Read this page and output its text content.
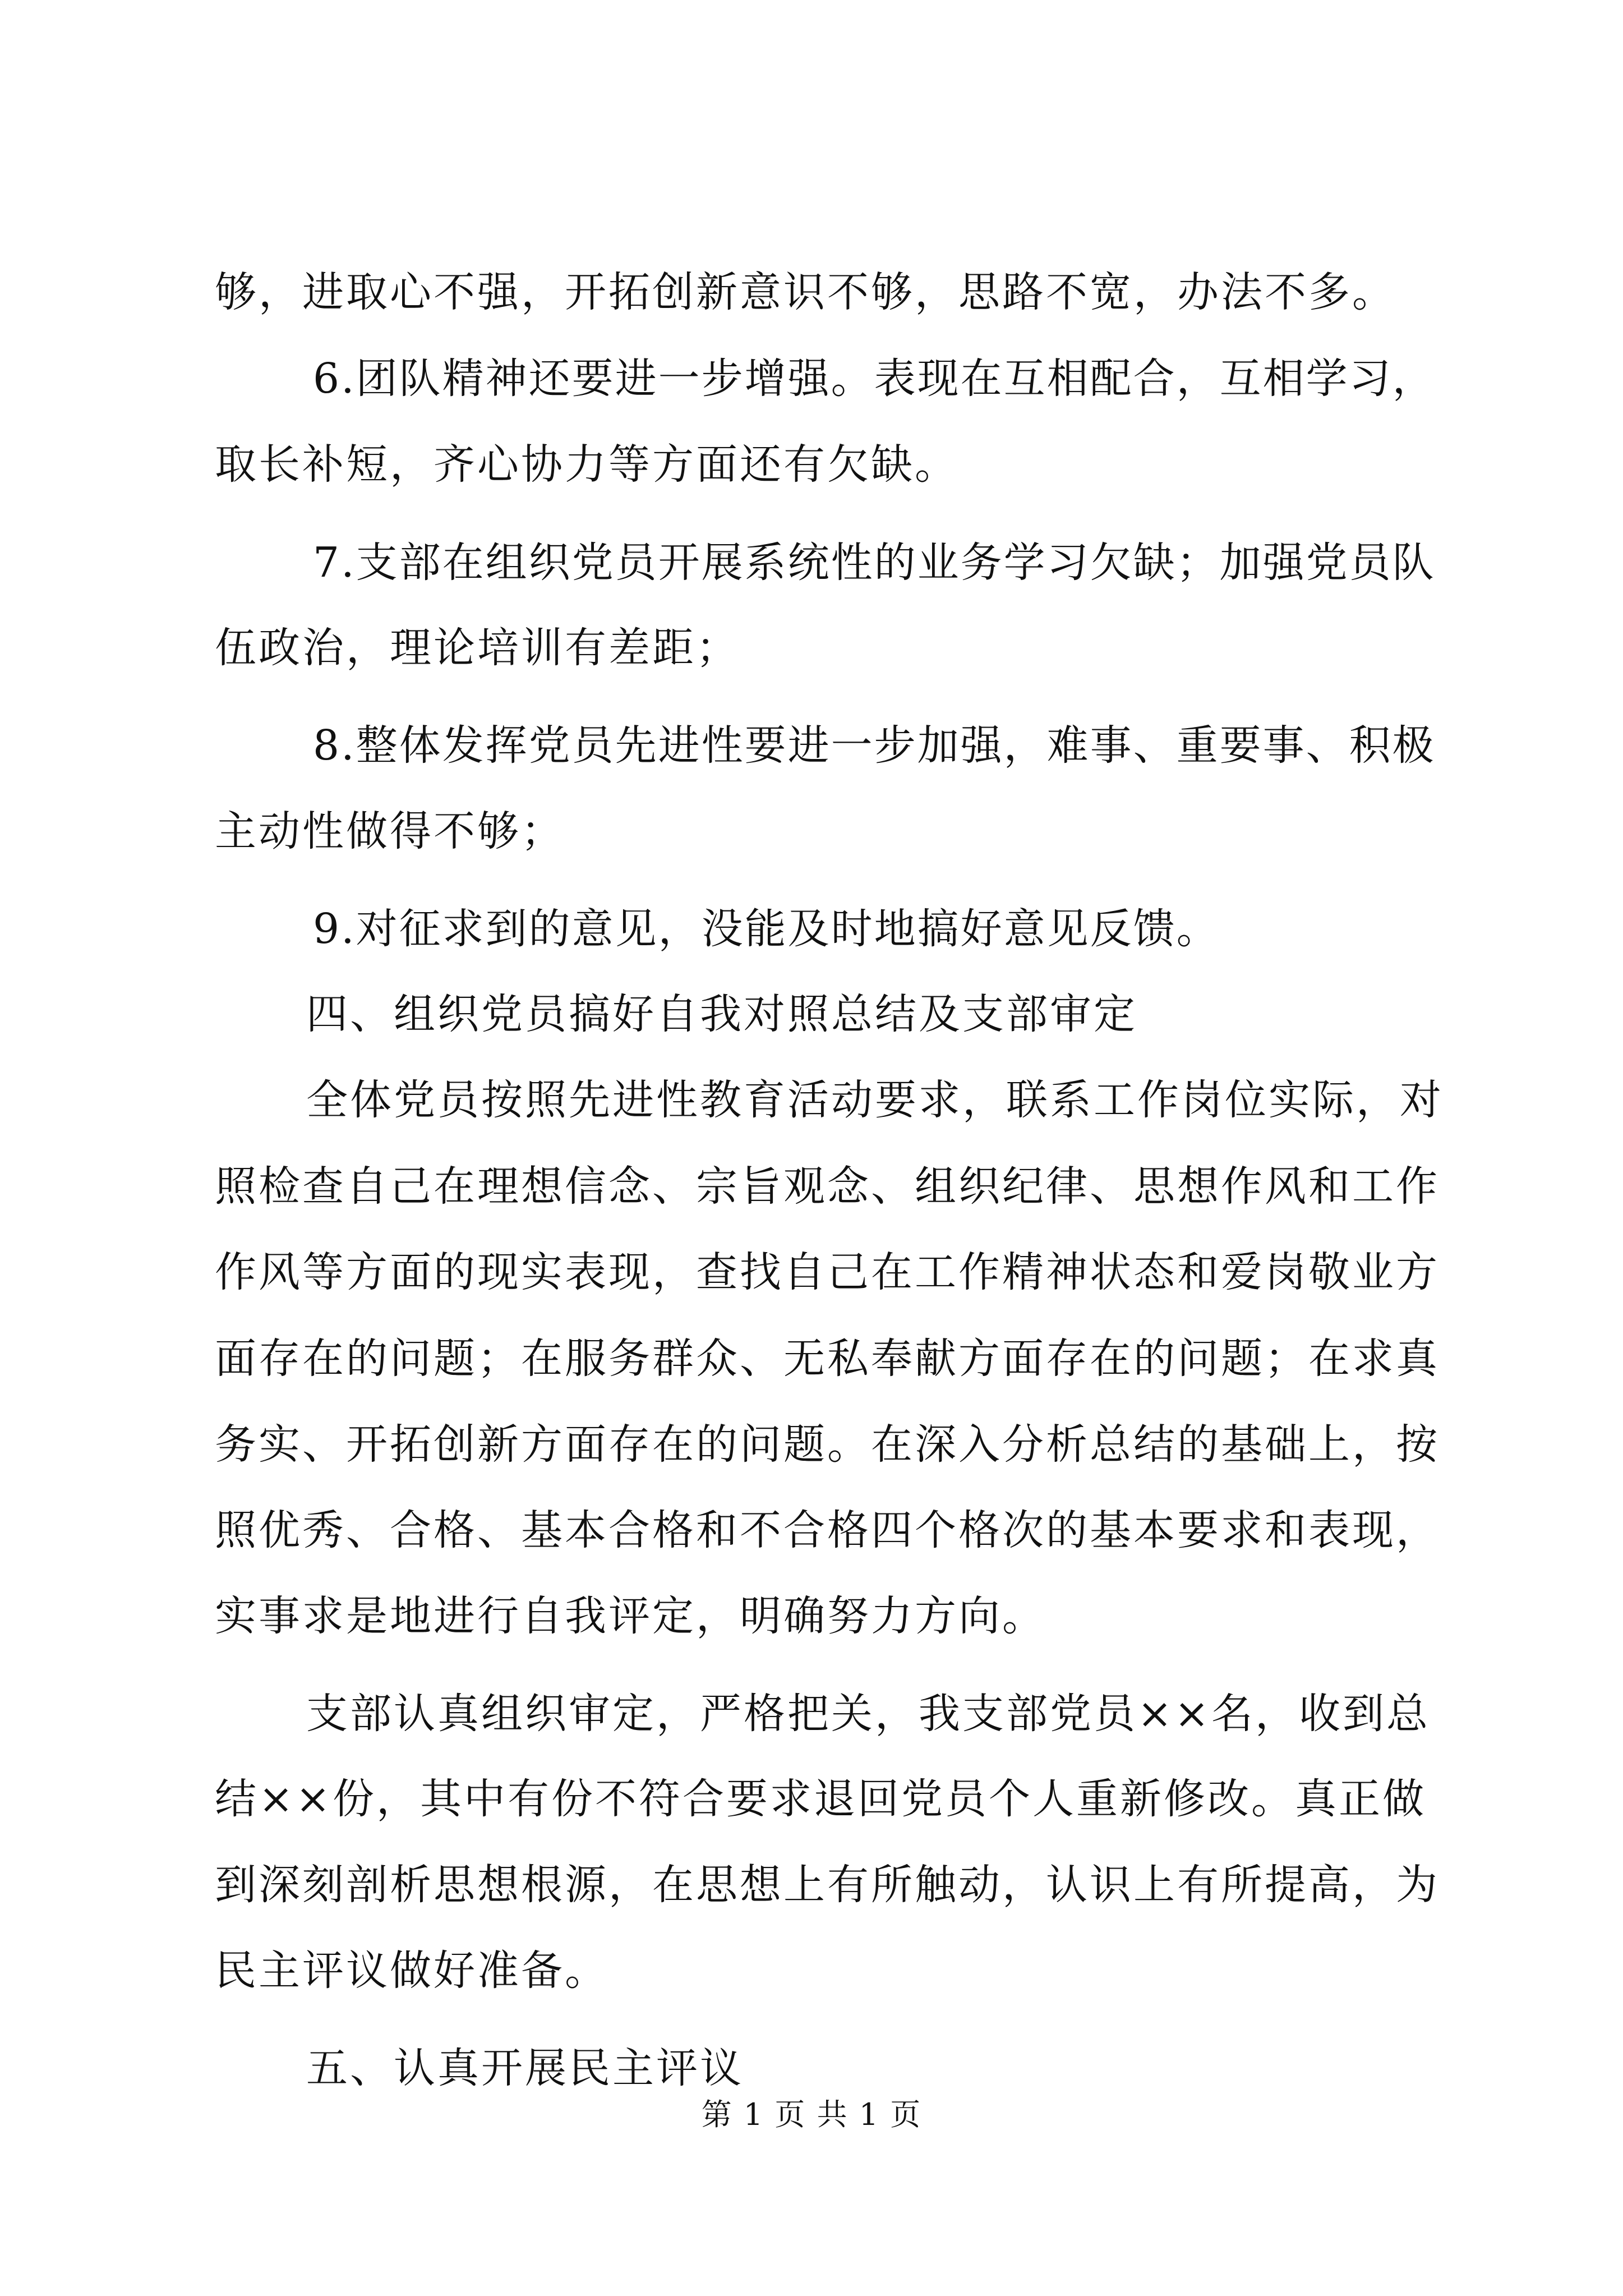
够，进取心不强，开拓创新意识不够，思路不宽，办法不多。
6.团队精神还要进一步增强。表现在互相配合，互相学习，
取长补短，齐心协力等方面还有欠缺。
7.支部在组织党员开展系统性的业务学习欠缺；加强党员队
伍政治，理论培训有差距；
8.整体发挥党员先进性要进一步加强，难事、重要事、积极
主动性做得不够；
9.对征求到的意见，没能及时地搞好意见反馈。
四、组织党员搞好自我对照总结及支部审定
全体党员按照先进性教育活动要求，联系工作岗位实际，对
照检查自己在理想信念、宗旨观念、组织纪律、思想作风和工作
作风等方面的现实表现，查找自己在工作精神状态和爱岗敬业方
面存在的问题；在服务群众、无私奉献方面存在的问题；在求真
务实、开拓创新方面存在的问题。在深入分析总结的基础上，按
照优秀、合格、基本合格和不合格四个格次的基本要求和表现，
实事求是地进行自我评定，明确努力方向。
支部认真组织审定，严格把关，我支部党员××名，收到总
结××份，其中有份不符合要求退回党员个人重新修改。真正做
到深刻剖析思想根源，在思想上有所触动，认识上有所提高，为
民主评议做好准备。
五、认真开展民主评议
第 1 页 共 1 页
